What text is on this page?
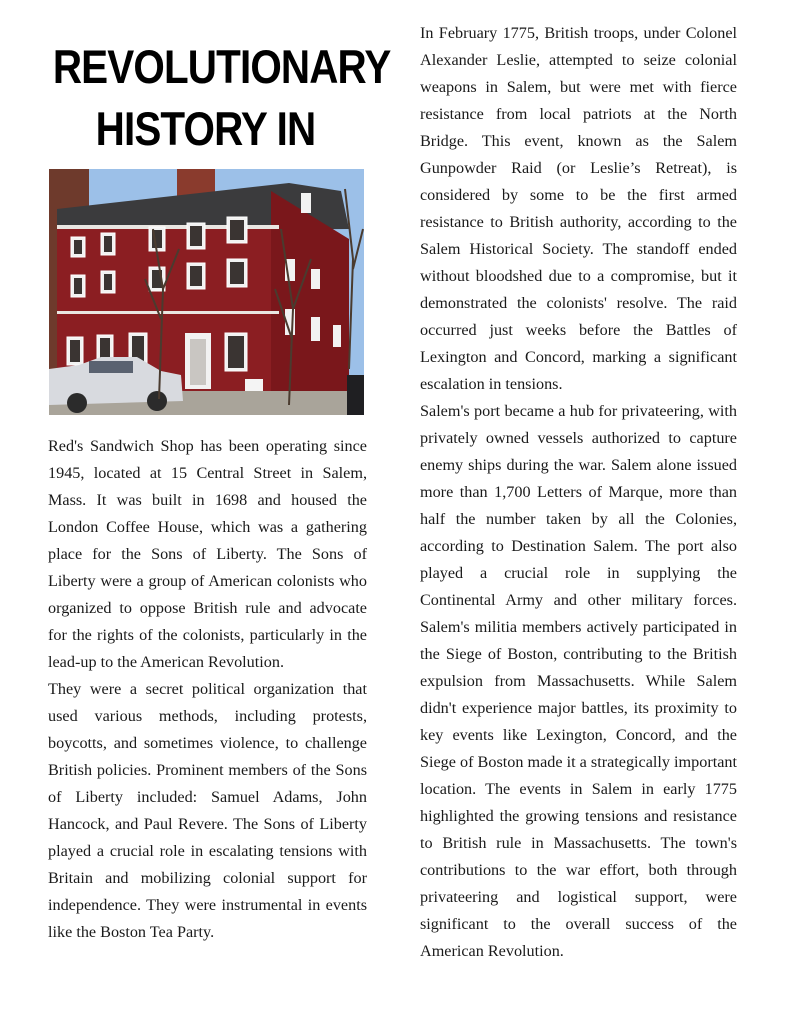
REVOLUTIONARY
HISTORY IN

Red's Sandwich Shop has been operating since 1945, located at 15 Central Street in Salem, Mass. It was built in 1698 and housed the London Coffee House, which was a gathering place for the Sons of Liberty. The Sons of Liberty were a group of American colonists who organized to oppose British rule and advocate for the rights of the colonists, particularly in the lead-up to the American Revolution.

They were a secret political organization that used various methods, including protests, boycotts, and sometimes violence, to challenge British policies. Prominent members of the Sons of Liberty included: Samuel Adams, John Hancock, and Paul Revere. The Sons of Liberty played a crucial role in escalating tensions with Britain and mobilizing colonial support for independence. They were instrumental in events like the Boston Tea Party.

In February 1775, British troops, under Colonel Alexander Leslie, attempted to seize colonial weapons in Salem, but were met with fierce resistance from local patriots at the North Bridge. This event, known as the Salem Gunpowder Raid (or Leslie’s Retreat), is considered by some to be the first armed resistance to British authority, according to the Salem Historical Society. The standoff ended without bloodshed due to a compromise, but it demonstrated the colonists' resolve. The raid occurred just weeks before the Battles of Lexington and Concord, marking a significant escalation in tensions.

Salem's port became a hub for privateering, with privately owned vessels authorized to capture enemy ships during the war. Salem alone issued more than 1,700 Letters of Marque, more than half the number taken by all the Colonies, according to Destination Salem. The port also played a crucial role in supplying the Continental Army and other military forces. Salem's militia members actively participated in the Siege of Boston, contributing to the British expulsion from Massachusetts. While Salem didn't experience major battles, its proximity to key events like Lexington, Concord, and the Siege of Boston made it a strategically important location. The events in Salem in early 1775 highlighted the growing tensions and resistance to British rule in Massachusetts. The town's contributions to the war effort, both through privateering and logistical support, were significant to the overall success of the American Revolution.
